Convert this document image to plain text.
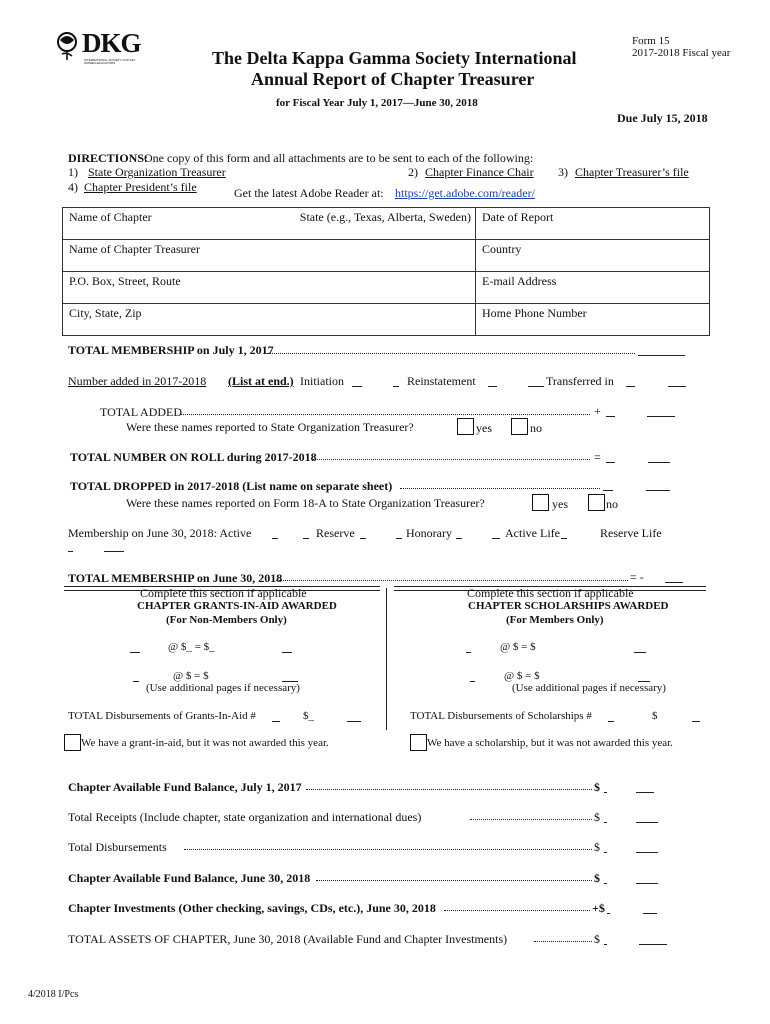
DKG
INTERNATIONAL SOCIETY FOR KEY WOMEN EDUCATORS
Form 15
2017-2018 Fiscal year
The Delta Kappa Gamma Society International
Annual Report of Chapter Treasurer
for Fiscal Year July 1, 2017—June 30, 2018
Due July 15, 2018
DIRECTIONS:
One copy of this form and all attachments are to be sent to each of the following:
1) State Organization Treasurer	2) Chapter Finance Chair 3) Chapter Treasurer’s file
4) Chapter President’s file	Get the latest Adobe Reader at: https://get.adobe.com/reader/
Name of Chapter	State (e.g., Texas, Alberta, Sweden)	Date of Report
Name of Chapter Treasurer		Country
P.O. Box, Street, Route		E-mail Address
City, State, Zip		Home Phone Number
TOTAL MEMBERSHIP on July 1, 2017
Number added in 2017-2018 (List at end.) Initiation	Reinstatement	Transferred in
TOTAL ADDED	+
Were these names reported to State Organization Treasurer?	yes	no
TOTAL NUMBER ON ROLL during 2017-2018	=
TOTAL DROPPED in 2017-2018 (List name on separate sheet)
Were these names reported on Form 18-A to State Organization Treasurer?	yes	no
Membership on June 30, 2018: Active	Reserve	Honorary	Active Life	Reserve Life
TOTAL MEMBERSHIP on June 30, 2018	= -
Complete this section if applicable
CHAPTER GRANTS-IN-AID AWARDED
(For Non-Members Only)
@ $_ = $_
@ $ = $
(Use additional pages if necessary)
TOTAL Disbursements of Grants-In-Aid #	$_
We have a grant-in-aid, but it was not awarded this year.
Complete this section if applicable
CHAPTER SCHOLARSHIPS AWARDED
(For Members Only)
@ $ = $
@ $ = $
(Use additional pages if necessary)
TOTAL Disbursements of Scholarships #	$
We have a scholarship, but it was not awarded this year.
Chapter Available Fund Balance, July 1, 2017	$
Total Receipts (Include chapter, state organization and international dues)	$
Total Disbursements	$
Chapter Available Fund Balance, June 30, 2018	$
Chapter Investments (Other checking, savings, CDs, etc.), June 30, 2018	+$
TOTAL ASSETS OF CHAPTER, June 30, 2018 (Available Fund and Chapter Investments)	$
4/2018 I/Pcs
